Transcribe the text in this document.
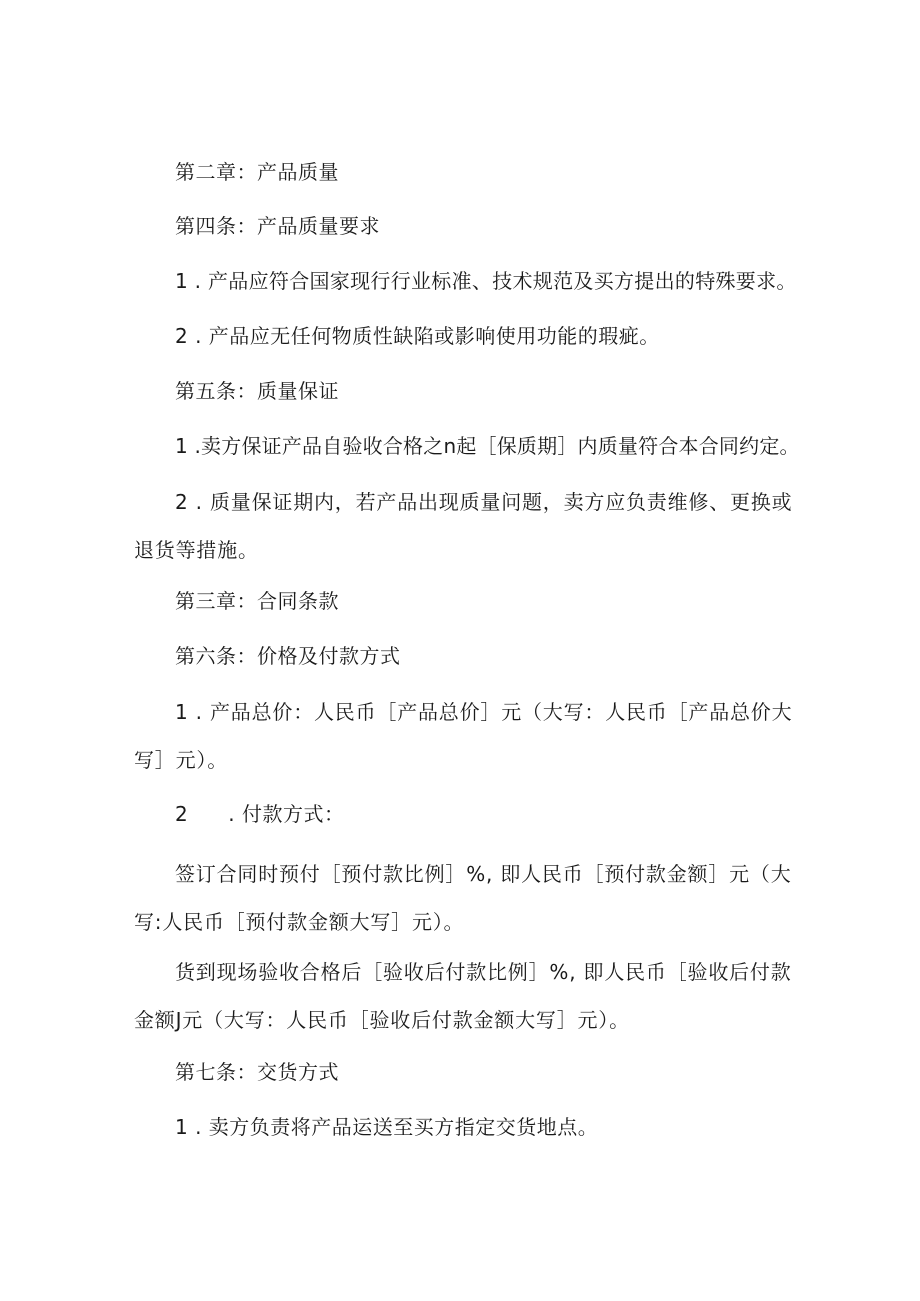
第二章：产品质量
第四条：产品质量要求
1 . 产品应符合国家现行行业标准、技术规范及买方提出的特殊要求。
2 . 产品应无任何物质性缺陷或影响使用功能的瑕疵。
第五条：质量保证
1 .卖方保证产品自验收合格之n起［保质期］内质量符合本合同约定。
2 . 质量保证期内，若产品出现质量问题，卖方应负责维修、更换或退货等措施。
第三章：合同条款
第六条：价格及付款方式
1 . 产品总价：人民币［产品总价］元（大写：人民币［产品总价大写］元）。
2 . 付款方式：
签订合同时预付［预付款比例］%, 即人民币［预付款金额］元（大写:人民币［预付款金额大写］元）。
货到现场验收合格后［验收后付款比例］%, 即人民币［验收后付款金额J元（大写：人民币［验收后付款金额大写］元）。
第七条：交货方式
1 . 卖方负责将产品运送至买方指定交货地点。
